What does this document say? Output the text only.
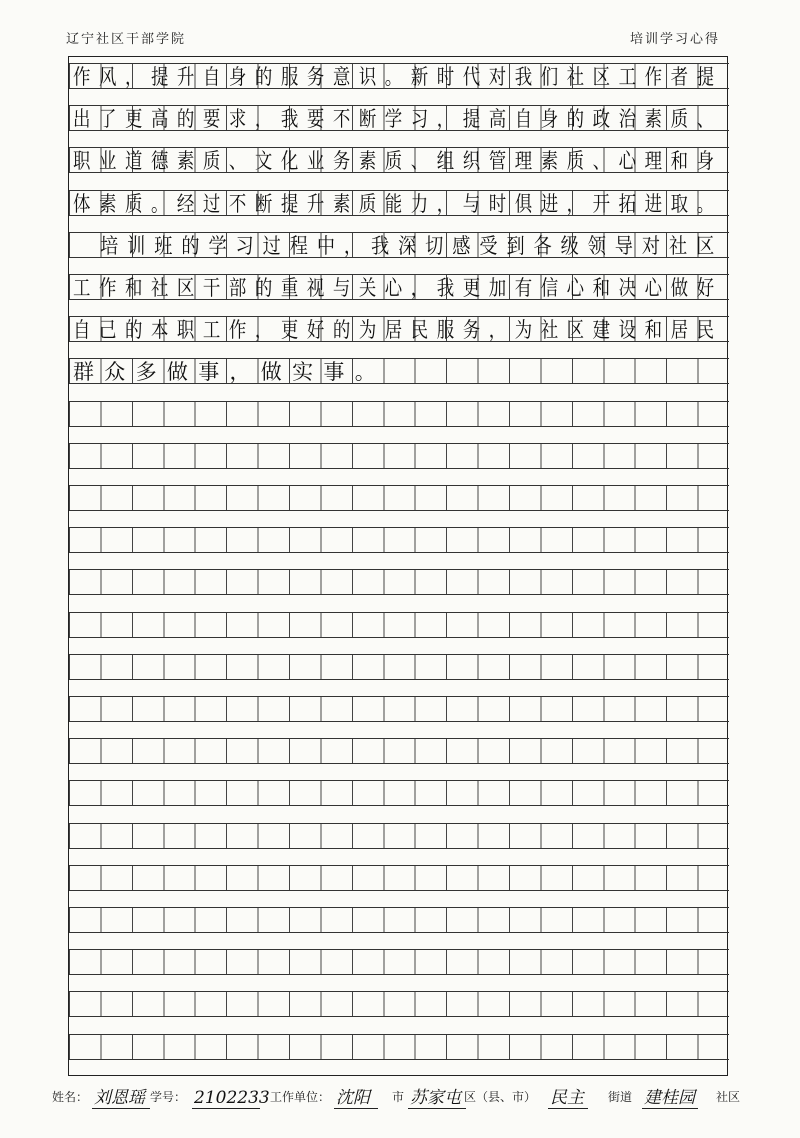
辽宁社区干部学院	培训学习心得
作风，提升自身的服务意识。新时代对我们社区工作者提
出了更高的要求，我要不断学习，提高自身的政治素质、
职业道德素质、文化业务素质、组织管理素质、心理和身
体素质。经过不断提升素质能力，与时俱进，开拓进取。
　培训班的学习过程中，我深切感受到各级领导对社区
工作和社区干部的重视与关心，我更加有信心和决心做好
自己的本职工作，更好的为居民服务，为社区建设和居民
群众多做事，做实事。
姓名： 刘恩瑶 学号： 2102233 工作单位： 沈阳	市 苏家屯 区（县、市） 民主	街道 建桂园 社区
